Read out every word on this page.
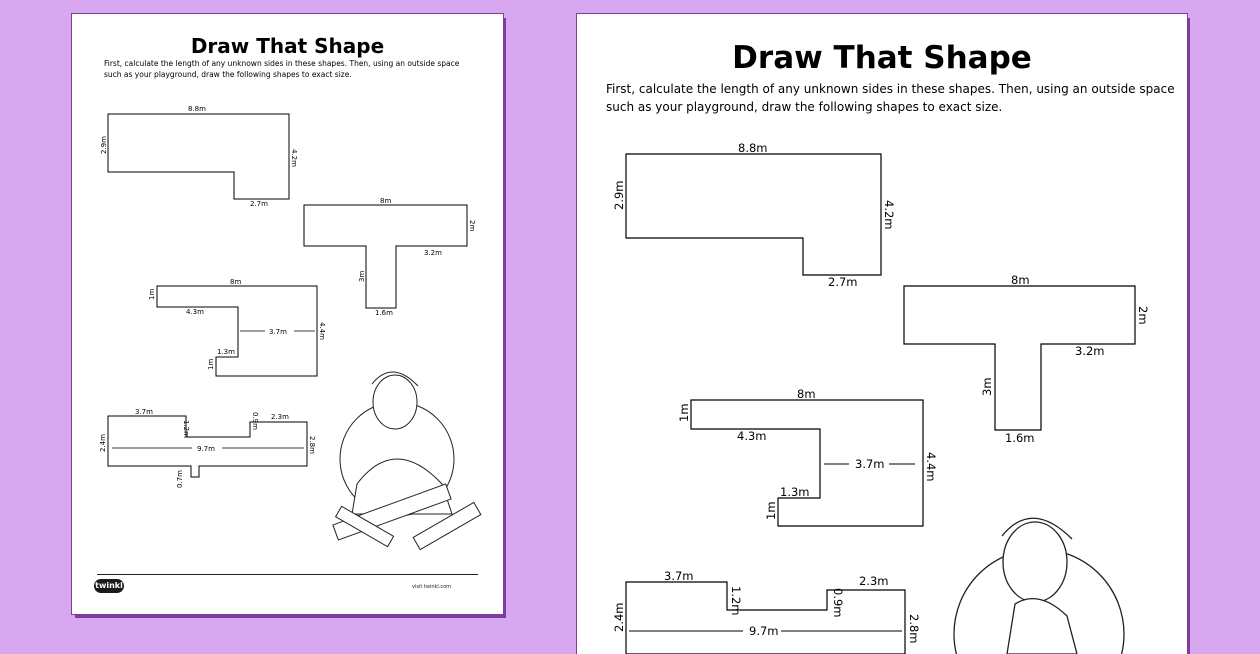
Draw That Shape
First, calculate the length of any unknown sides in these shapes. Then, using an outside space
such as your playground, draw the following shapes to exact size.
8.8m
2.9m
4.2m
2.7m	8m
2m
3.2m
3m
1.6m
8m
1m
4.3m
3.7m	4.4m
1.3m
1m
3.7m
1.2m	0.9m 2.3m
2.4m	9.7m	2.8m
0.7m
twinkl	visit twinkl.com
Draw That Shape
First, calculate the length of any unknown sides in these shapes. Then, using an outside space
such as your playground, draw the following shapes to exact size.
8.8m
2.9m
4.2m
2.7m	8m
2m
3.2m
3m
1.6m
8m
1m
4.3m
3.7m	4.4m
1.3m
1m
3.7m
1.2m	0.9m
2.3m
2.4m	9.7m	2.8m
